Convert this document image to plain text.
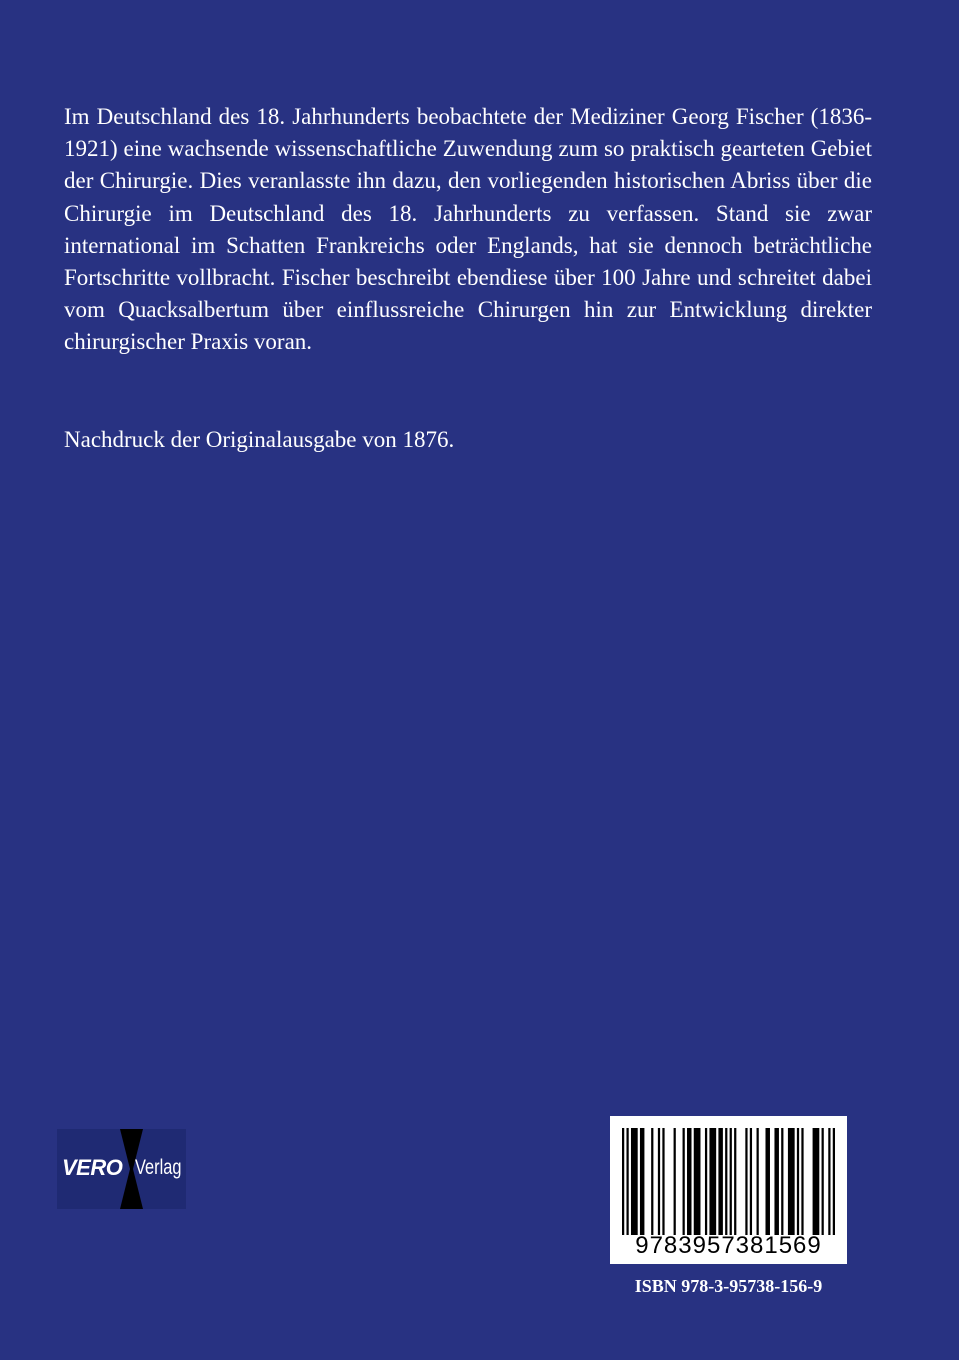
Im Deutschland des 18. Jahrhunderts beobachtete der Mediziner Georg Fischer (1836-1921) eine wachsende wissenschaftliche Zuwendung zum so praktisch gearteten Gebiet der Chirurgie. Dies veranlasste ihn dazu, den vorliegenden historischen Abriss über die Chirurgie im Deutschland des 18. Jahrhunderts zu verfassen. Stand sie zwar international im Schatten Frankreichs oder Englands, hat sie dennoch beträchtliche Fortschritte vollbracht. Fischer beschreibt ebendiese über 100 Jahre und schreitet dabei vom Quacksalbertum über einflussreiche Chirurgen hin zur Entwicklung direkter chirurgischer Praxis voran.

Nachdruck der Originalausgabe von 1876.

VERO Verlag
9783957381569

ISBN 978-3-95738-156-9
